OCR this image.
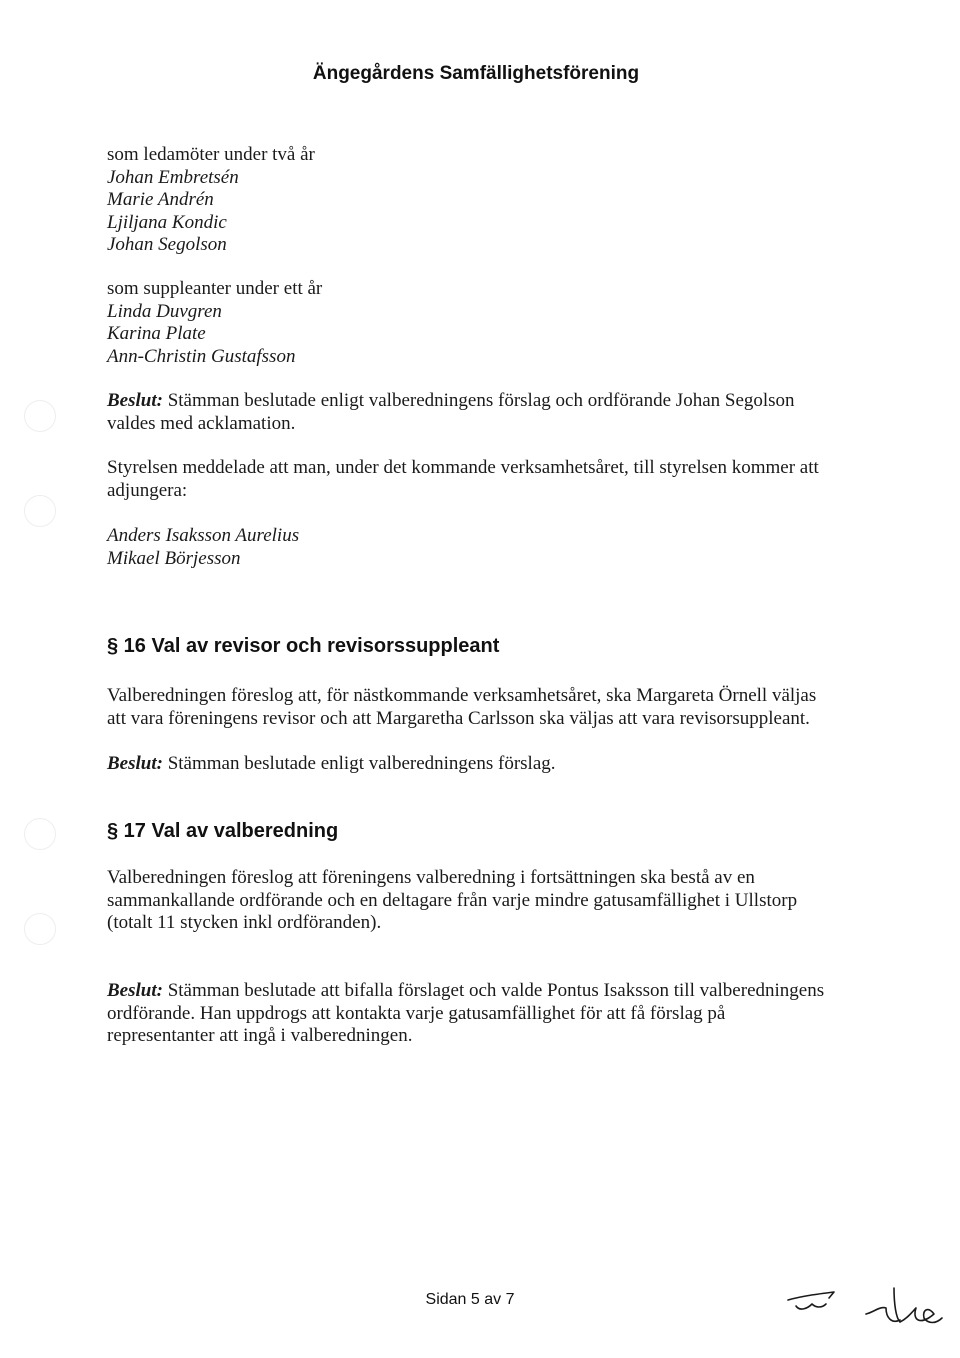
Ängegårdens Samfällighetsförening

som ledamöter under två år

Johan Embretsén

Marie Andrén

Ljiljana Kondic

Johan Segolson

som suppleanter under ett år

Linda Duvgren

Karina Plate

Ann-Christin Gustafsson

Beslut: Stämman beslutade enligt valberedningens förslag och ordförande Johan Segolson

valdes med acklamation.

Styrelsen meddelade att man, under det kommande verksamhetsåret, till styrelsen kommer att

adjungera:

Anders Isaksson Aurelius

Mikael Börjesson

§ 16 Val av revisor och revisorssuppleant

Valberedningen föreslog att, för nästkommande verksamhetsåret, ska Margareta Örnell väljas

att vara föreningens revisor och att Margaretha Carlsson ska väljas att vara revisorsuppleant.

Beslut: Stämman beslutade enligt valberedningens förslag.

§ 17 Val av valberedning

Valberedningen föreslog att föreningens valberedning i fortsättningen ska bestå av en

sammankallande ordförande och en deltagare från varje mindre gatusamfällighet i Ullstorp

(totalt 11 stycken inkl ordföranden).

Beslut: Stämman beslutade att bifalla förslaget och valde Pontus Isaksson till valberedningens

ordförande. Han uppdrogs att kontakta varje gatusamfällighet för att få förslag på

representanter att ingå i valberedningen.

Sidan 5 av 7
